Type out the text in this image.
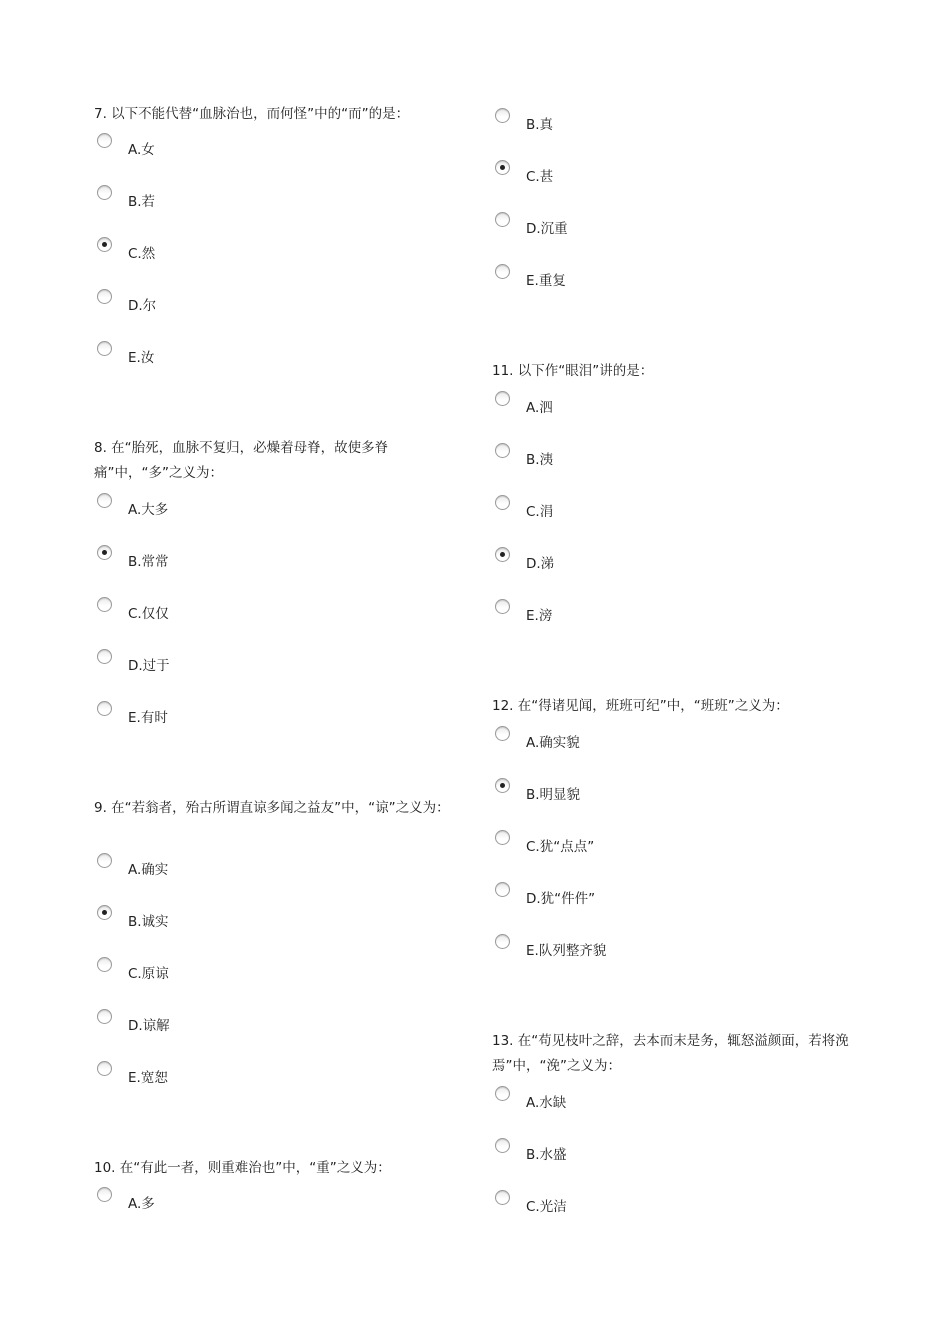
7. 以下不能代替“血脉治也，而何怪”中的“而”的是：

A.女
B.若
C.然
D.尔
E.汝

8. 在“胎死，血脉不复归，必燥着母脊，故使多脊痛”中，“多”之义为：

A.大多
B.常常
C.仅仅
D.过于
E.有时

9. 在“若翁者，殆古所谓直谅多闻之益友”中，“谅”之义为：

A.确实
B.诚实
C.原谅
D.谅解
E.宽恕

10. 在“有此一者，则重难治也”中，“重”之义为：

A.多
B.真
C.甚
D.沉重
E.重复

11. 以下作“眼泪”讲的是：

A.泗
B.洟
C.涓
D.涕
E.滂

12. 在“得诸见闻，班班可纪”中，“班班”之义为：

A.确实貌
B.明显貌
C.犹“点点”
D.犹“件件”
E.队列整齐貌

13. 在“苟见枝叶之辞，去本而末是务，辄怒溢颜面，若将浼焉”中，“浼”之义为：

A.水缺
B.水盛
C.光洁
